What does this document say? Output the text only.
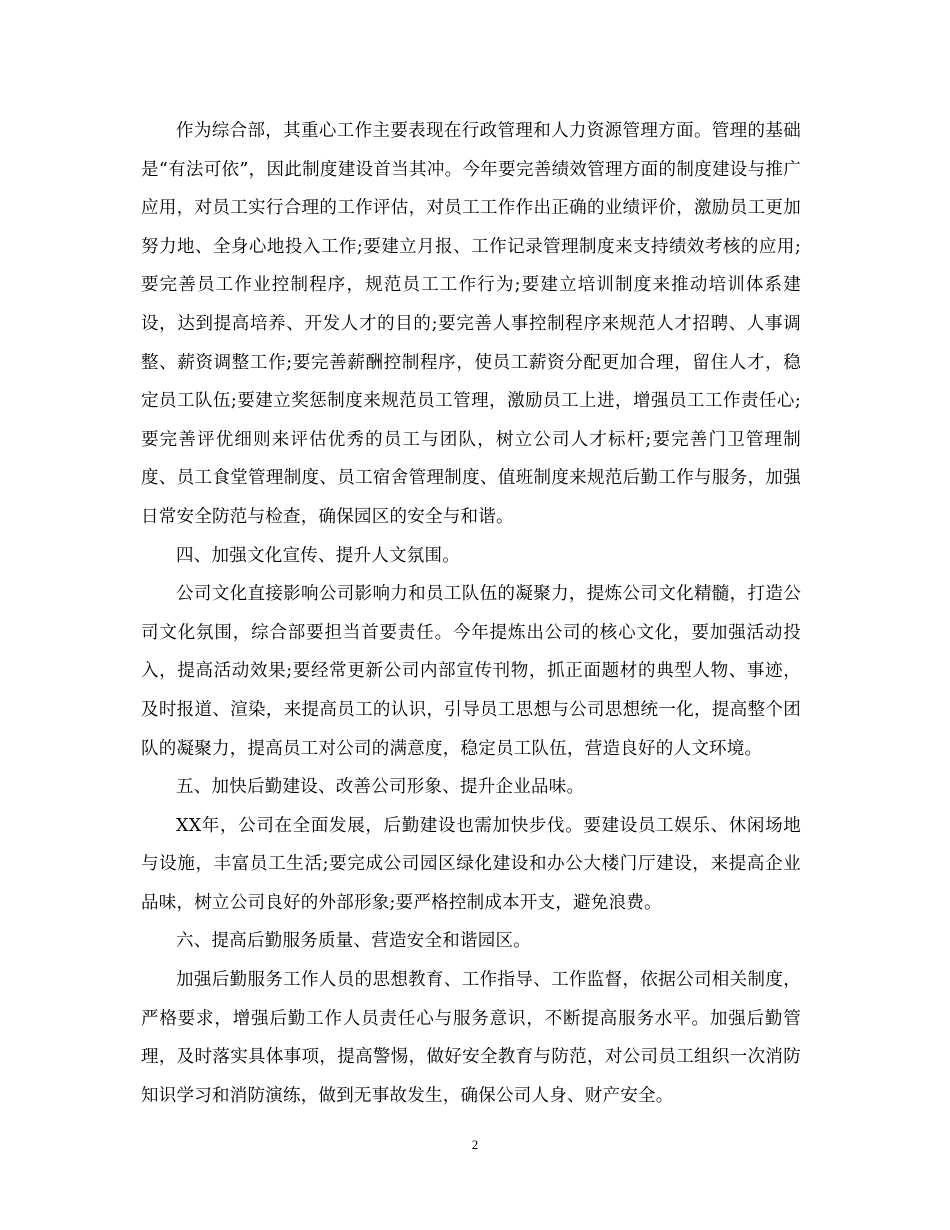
作为综合部，其重心工作主要表现在行政管理和人力资源管理方面。管理的基础是“有法可依”，因此制度建设首当其冲。今年要完善绩效管理方面的制度建设与推广应用，对员工实行合理的工作评估，对员工工作作出正确的业绩评价，激励员工更加努力地、全身心地投入工作;要建立月报、工作记录管理制度来支持绩效考核的应用;要完善员工作业控制程序，规范员工工作行为;要建立培训制度来推动培训体系建设，达到提高培养、开发人才的目的;要完善人事控制程序来规范人才招聘、人事调整、薪资调整工作;要完善薪酬控制程序，使员工薪资分配更加合理，留住人才，稳定员工队伍;要建立奖惩制度来规范员工管理，激励员工上进，增强员工工作责任心;要完善评优细则来评估优秀的员工与团队，树立公司人才标杆;要完善门卫管理制度、员工食堂管理制度、员工宿舍管理制度、值班制度来规范后勤工作与服务，加强日常安全防范与检查，确保园区的安全与和谐。

四、加强文化宣传、提升人文氛围。

公司文化直接影响公司影响力和员工队伍的凝聚力，提炼公司文化精髓，打造公司文化氛围，综合部要担当首要责任。今年提炼出公司的核心文化，要加强活动投入，提高活动效果;要经常更新公司内部宣传刊物，抓正面题材的典型人物、事迹，及时报道、渲染，来提高员工的认识，引导员工思想与公司思想统一化，提高整个团队的凝聚力，提高员工对公司的满意度，稳定员工队伍，营造良好的人文环境。

五、加快后勤建设、改善公司形象、提升企业品味。

XX年，公司在全面发展，后勤建设也需加快步伐。要建设员工娱乐、休闲场地与设施，丰富员工生活;要完成公司园区绿化建设和办公大楼门厅建设，来提高企业品味，树立公司良好的外部形象;要严格控制成本开支，避免浪费。

六、提高后勤服务质量、营造安全和谐园区。

加强后勤服务工作人员的思想教育、工作指导、工作监督，依据公司相关制度，严格要求，增强后勤工作人员责任心与服务意识，不断提高服务水平。加强后勤管理，及时落实具体事项，提高警惕，做好安全教育与防范，对公司员工组织一次消防知识学习和消防演练，做到无事故发生，确保公司人身、财产安全。

2
